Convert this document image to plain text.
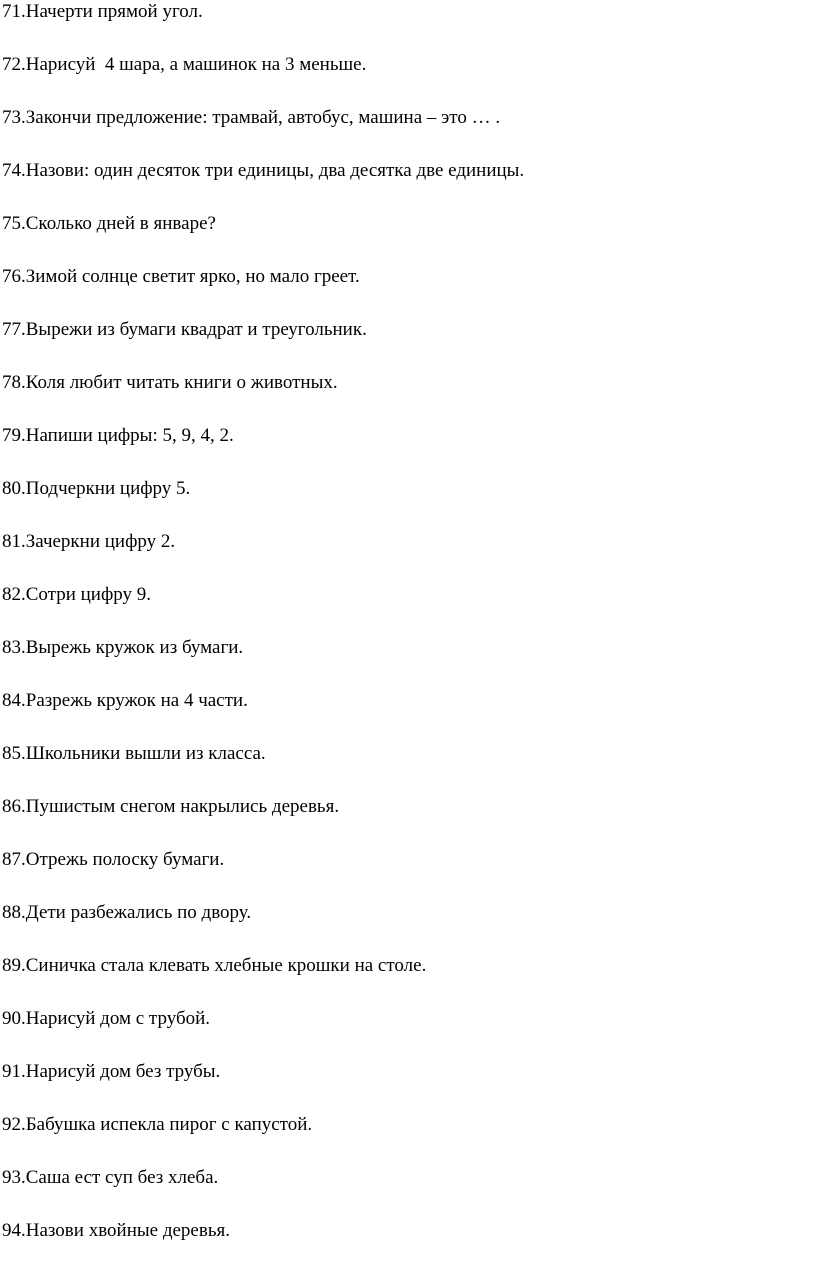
71.Начерти прямой угол.
72.Нарисуй  4 шара, а машинок на 3 меньше.
73.Закончи предложение: трамвай, автобус, машина – это … .
74.Назови: один десяток три единицы, два десятка две единицы.
75.Сколько дней в январе?
76.Зимой солнце светит ярко, но мало греет.
77.Вырежи из бумаги квадрат и треугольник.
78.Коля любит читать книги о животных.
79.Напиши цифры: 5, 9, 4, 2.
80.Подчеркни цифру 5.
81.Зачеркни цифру 2.
82.Сотри цифру 9.
83.Вырежь кружок из бумаги.
84.Разрежь кружок на 4 части.
85.Школьники вышли из класса.
86.Пушистым снегом накрылись деревья.
87.Отрежь полоску бумаги.
88.Дети разбежались по двору.
89.Синичка стала клевать хлебные крошки на столе.
90.Нарисуй дом с трубой.
91.Нарисуй дом без трубы.
92.Бабушка испекла пирог с капустой.
93.Саша ест суп без хлеба.
94.Назови хвойные деревья.
